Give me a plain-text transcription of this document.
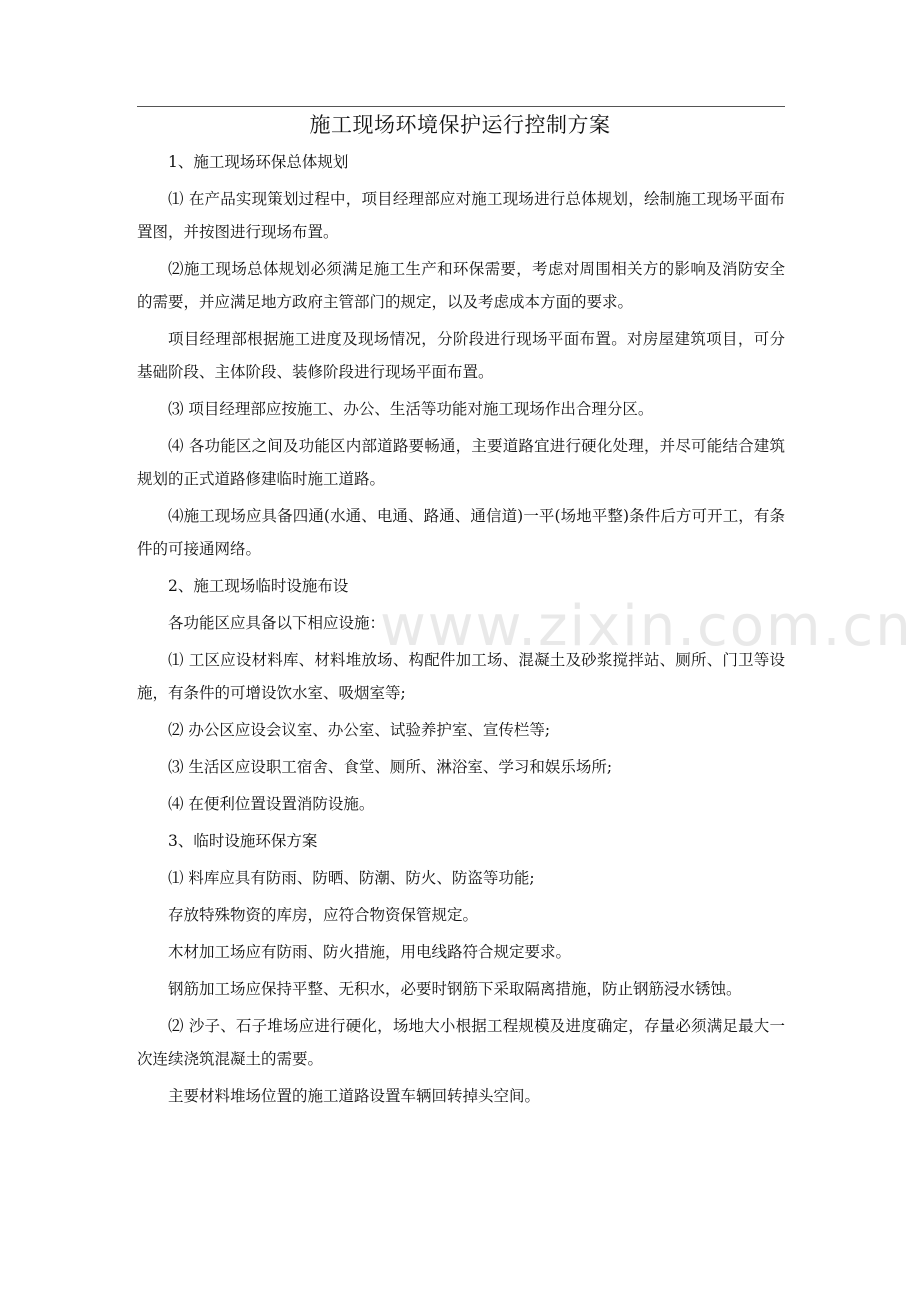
www.zixin.com.cn
施工现场环境保护运行控制方案

1、施工现场环保总体规划

⑴ 在产品实现策划过程中，项目经理部应对施工现场进行总体规划，绘制施工现场平面布置图，并按图进行现场布置。

⑵施工现场总体规划必须满足施工生产和环保需要，考虑对周围相关方的影响及消防安全的需要，并应满足地方政府主管部门的规定，以及考虑成本方面的要求。

项目经理部根据施工进度及现场情况，分阶段进行现场平面布置。对房屋建筑项目，可分基础阶段、主体阶段、装修阶段进行现场平面布置。

⑶ 项目经理部应按施工、办公、生活等功能对施工现场作出合理分区。

⑷ 各功能区之间及功能区内部道路要畅通，主要道路宜进行硬化处理，并尽可能结合建筑规划的正式道路修建临时施工道路。

⑷施工现场应具备四通(水通、电通、路通、通信道)一平(场地平整)条件后方可开工，有条件的可接通网络。

2、施工现场临时设施布设

各功能区应具备以下相应设施：

⑴ 工区应设材料库、材料堆放场、构配件加工场、混凝土及砂浆搅拌站、厕所、门卫等设施，有条件的可增设饮水室、吸烟室等;

⑵ 办公区应设会议室、办公室、试验养护室、宣传栏等;

⑶ 生活区应设职工宿舍、食堂、厕所、淋浴室、学习和娱乐场所;

⑷ 在便利位置设置消防设施。

3、临时设施环保方案

⑴ 料库应具有防雨、防晒、防潮、防火、防盗等功能;

存放特殊物资的库房，应符合物资保管规定。

木材加工场应有防雨、防火措施，用电线路符合规定要求。

钢筋加工场应保持平整、无积水，必要时钢筋下采取隔离措施，防止钢筋浸水锈蚀。

⑵ 沙子、石子堆场应进行硬化，场地大小根据工程规模及进度确定，存量必须满足最大一次连续浇筑混凝土的需要。

主要材料堆场位置的施工道路设置车辆回转掉头空间。
